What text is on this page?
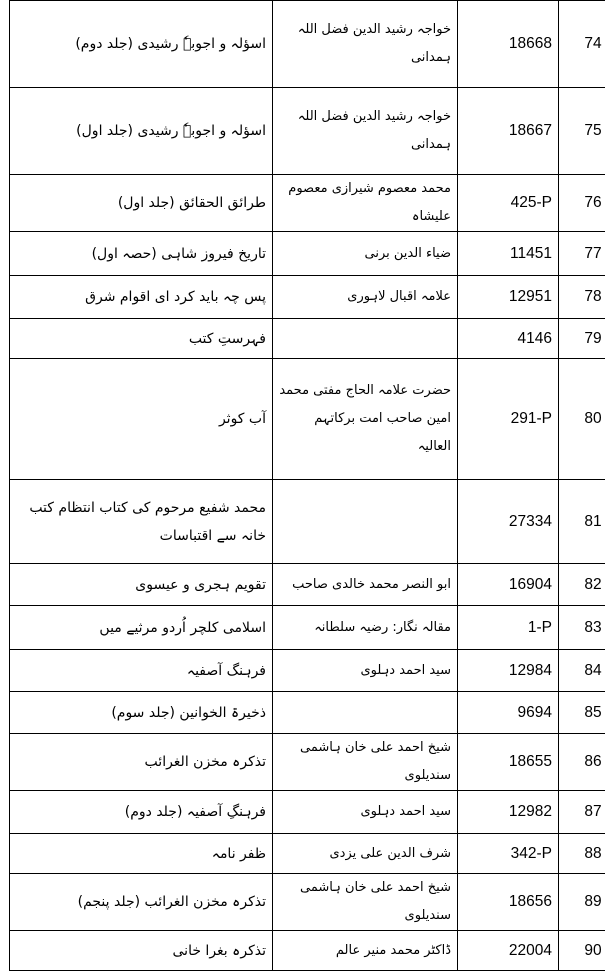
اسؤلہ و اجوبہٗ رشیدی (جلد دوم)	خواجہ رشید الدین فضل اللہ ہمدانی	18668	74
اسؤلہ و اجوبہٗ رشیدی (جلد اول)	خواجہ رشید الدین فضل اللہ ہمدانی	18667	75
طرائق الحقائق (جلد اول)	محمد معصوم شیرازی معصوم علیشاہ	425-P	76
تاریخ فیروز شاہی (حصہ اول)	ضیاء الدین برنی	11451	77
پس چہ باید کرد ای اقوام شرق	علامہ اقبال لاہوری	12951	78
فہرستِ کتب		4146	79
آب کوثر	حضرت علامہ الحاج مفتی محمد امین صاحب امت برکاتہم العالیہ	291-P	80
محمد شفیع مرحوم کی کتاب انتظام کتب خانہ سے اقتباسات		27334	81
تقویم ہجری و عیسوی	ابو النصر محمد خالدی صاحب	16904	82
اسلامی کلچر اُردو مرثیے میں	مقالہ نگار: رضیہ سلطانہ	1-P	83
فرہنگ آصفیہ	سید احمد دہلوی	12984	84
ذخیرۃ الخوانین (جلد سوم)		9694	85
تذکرہ مخزن الغرائب	شیخ احمد علی خان ہاشمی سندیلوی	18655	86
فرہنگِ آصفیہ (جلد دوم)	سید احمد دہلوی	12982	87
ظفر نامہ	شرف الدین علی یزدی	342-P	88
تذکرہ مخزن الغرائب (جلد پنجم)	شیخ احمد علی خان ہاشمی سندیلوی	18656	89
تذکرہ بغرا خانی	ڈاکٹر محمد منیر عالم	22004	90
